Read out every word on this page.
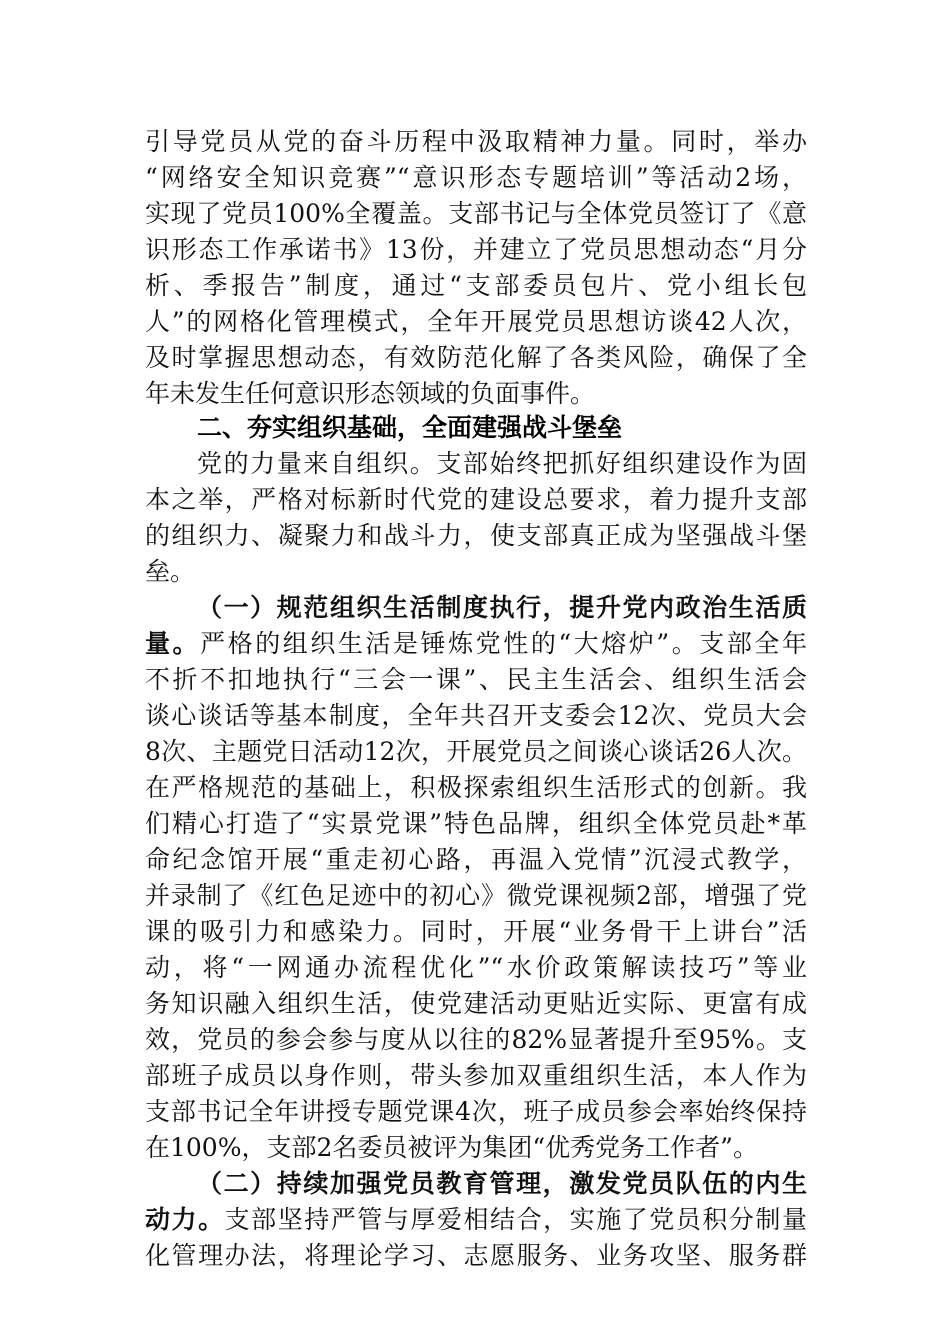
引导党员从党的奋斗历程中汲取精神力量。同时，举办
“网络安全知识竞赛”“意识形态专题培训”等活动2场，
实现了党员100%全覆盖。支部书记与全体党员签订了《意
识形态工作承诺书》13份，并建立了党员思想动态“月分
析、季报告”制度，通过“支部委员包片、党小组长包
人”的网格化管理模式，全年开展党员思想访谈42人次，
及时掌握思想动态，有效防范化解了各类风险，确保了全
年未发生任何意识形态领域的负面事件。
二、夯实组织基础，全面建强战斗堡垒
党的力量来自组织。支部始终把抓好组织建设作为固
本之举，严格对标新时代党的建设总要求，着力提升支部
的组织力、凝聚力和战斗力，使支部真正成为坚强战斗堡
垒。
（一）规范组织生活制度执行，提升党内政治生活质
量。严格的组织生活是锤炼党性的“大熔炉”。支部全年
不折不扣地执行“三会一课”、民主生活会、组织生活会
谈心谈话等基本制度，全年共召开支委会12次、党员大会
8次、主题党日活动12次，开展党员之间谈心谈话26人次。
在严格规范的基础上，积极探索组织生活形式的创新。我
们精心打造了“实景党课”特色品牌，组织全体党员赴*革
命纪念馆开展“重走初心路，再温入党情”沉浸式教学，
并录制了《红色足迹中的初心》微党课视频2部，增强了党
课的吸引力和感染力。同时，开展“业务骨干上讲台”活
动，将“一网通办流程优化”“水价政策解读技巧”等业
务知识融入组织生活，使党建活动更贴近实际、更富有成
效，党员的参会参与度从以往的82%显著提升至95%。支
部班子成员以身作则，带头参加双重组织生活，本人作为
支部书记全年讲授专题党课4次，班子成员参会率始终保持
在100%，支部2名委员被评为集团“优秀党务工作者”。
（二）持续加强党员教育管理，激发党员队伍的内生
动力。支部坚持严管与厚爱相结合，实施了党员积分制量
化管理办法，将理论学习、志愿服务、业务攻坚、服务群
